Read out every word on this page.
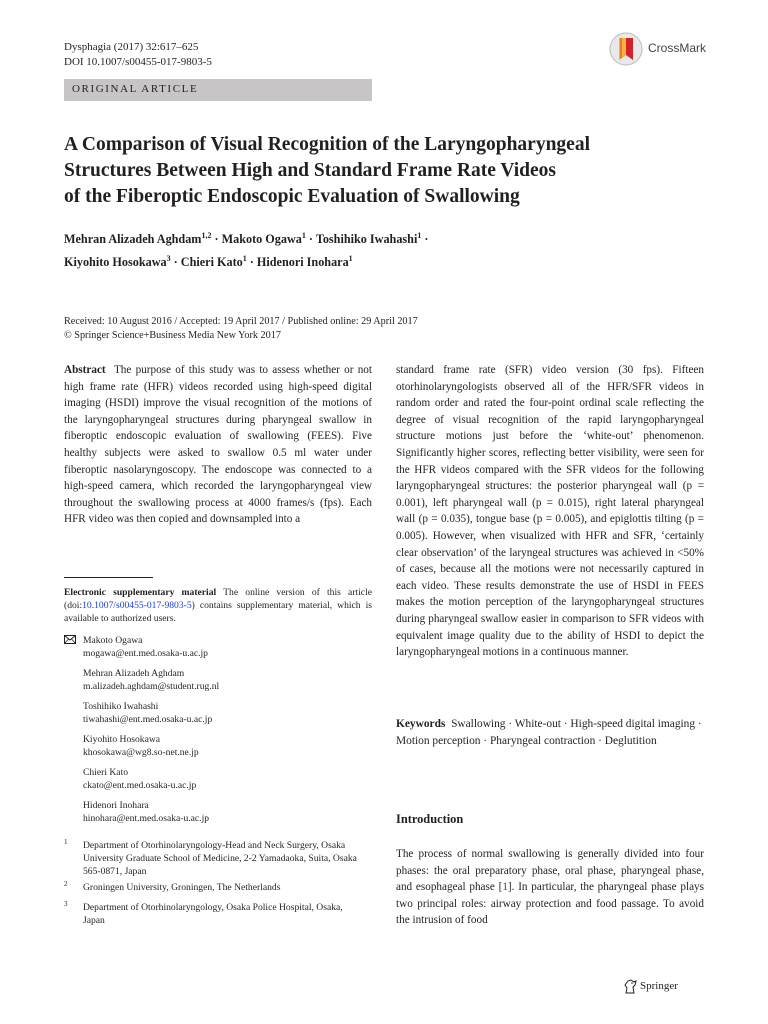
Dysphagia (2017) 32:617–625
DOI 10.1007/s00455-017-9803-5
CrossMark
ORIGINAL ARTICLE
A Comparison of Visual Recognition of the Laryngopharyngeal
Structures Between High and Standard Frame Rate Videos
of the Fiberoptic Endoscopic Evaluation of Swallowing
Mehran Alizadeh Aghdam$^{1,2}$ · Makoto Ogawa$^1$ · Toshihiko Iwahashi$^1$ ·
Kiyohito Hosokawa$^3$ · Chieri Kato$^1$ · Hidenori Inohara$^1$
Received: 10 August 2016 / Accepted: 19 April 2017 / Published online: 29 April 2017
© Springer Science+Business Media New York 2017

Abstract The purpose of this study was to assess whether or not high frame rate (HFR) videos recorded using high-speed digital imaging (HSDI) improve the visual recognition of the motions of the laryngopharyngeal structures during pharyngeal swallow in fiberoptic endoscopic evaluation of swallowing (FEES). Five healthy subjects were asked to swallow 0.5 ml water under fiberoptic nasolaryngoscopy. The endoscope was connected to a high-speed camera, which recorded the laryngopharyngeal view throughout the swallowing process at 4000 frames/s (fps). Each HFR video was then copied and downsampled into a

Electronic supplementary material The online version of this article (doi:10.1007/s00455-017-9803-5) contains supplementary material, which is available to authorized users.
Makoto Ogawa
mogawa@ent.med.osaka-u.ac.jp
Mehran Alizadeh Aghdam
m.alizadeh.aghdam@student.rug.nl
Toshihiko Iwahashi
tiwahashi@ent.med.osaka-u.ac.jp
Kiyohito Hosokawa
khosokawa@wg8.so-net.ne.jp
Chieri Kato
ckato@ent.med.osaka-u.ac.jp
Hidenori Inohara
hinohara@ent.med.osaka-u.ac.jp
1 Department of Otorhinolaryngology-Head and Neck Surgery, Osaka University Graduate School of Medicine, 2-2 Yamadaoka, Suita, Osaka 565-0871, Japan
2 Groningen University, Groningen, The Netherlands
3 Department of Otorhinolaryngology, Osaka Police Hospital, Osaka, Japan

standard frame rate (SFR) video version (30 fps). Fifteen otorhinolaryngologists observed all of the HFR/SFR videos in random order and rated the four-point ordinal scale reflecting the degree of visual recognition of the rapid laryngopharyngeal structure motions just before the ‘white-out’ phenomenon. Significantly higher scores, reflecting better visibility, were seen for the HFR videos compared with the SFR videos for the following laryngopharyngeal structures: the posterior pharyngeal wall (p = 0.001), left pharyngeal wall (p = 0.015), right lateral pharyngeal wall (p = 0.035), tongue base (p = 0.005), and epiglottis tilting (p = 0.005). However, when visualized with HFR and SFR, ‘certainly clear observation’ of the laryngeal structures was achieved in <50% of cases, because all the motions were not necessarily captured in each video. These results demonstrate the use of HSDI in FEES makes the motion perception of the laryngopharyngeal structures during pharyngeal swallow easier in comparison to SFR videos with equivalent image quality due to the ability of HSDI to depict the laryngopharyngeal motions in a continuous manner.

Keywords Swallowing · White-out · High-speed digital imaging · Motion perception · Pharyngeal contraction · Deglutition
Introduction

The process of normal swallowing is generally divided into four phases: the oral preparatory phase, oral phase, pharyngeal phase, and esophageal phase [1]. In particular, the pharyngeal phase plays two principal roles: airway protection and food passage. To avoid the intrusion of food

Springer
